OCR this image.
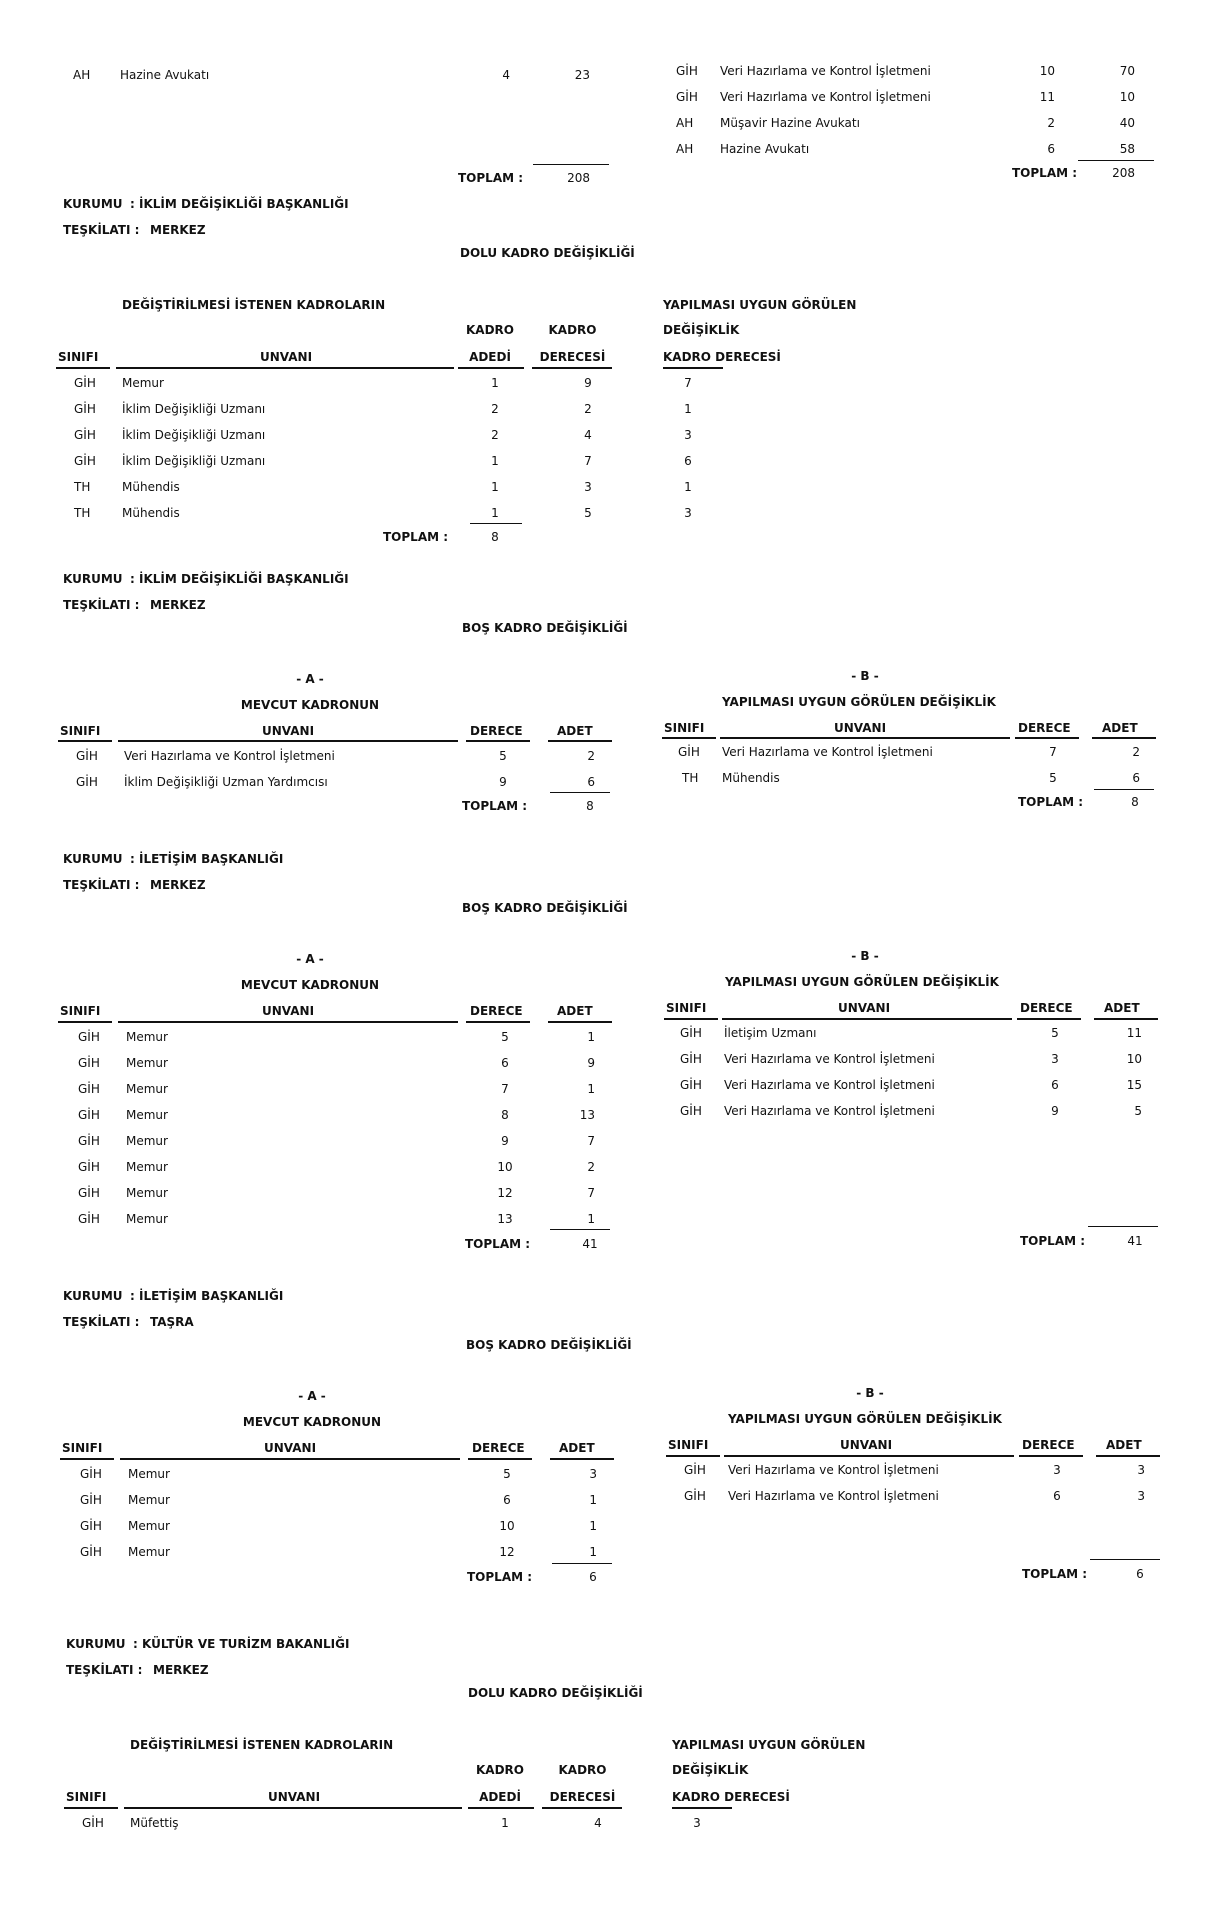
AH Hazine Avukatı	4	23
TOPLAM :	208
GİH Veri Hazırlama ve Kontrol İşletmeni	10	70
GİH Veri Hazırlama ve Kontrol İşletmeni	11	10
AH Müşavir Hazine Avukatı	2	40
AH Hazine Avukatı	6	58
TOPLAM :	208
KURUMU : İKLİM DEĞİŞİKLİĞİ BAŞKANLIĞI
TEŞKİLATI : MERKEZ
DOLU KADRO DEĞİŞİKLİĞİ
DEĞİŞTİRİLMESİ İSTENEN KADROLARIN
KADRO	KADRO
SINIFI	UNVANI	ADEDİ	DERECESİ
YAPILMASI UYGUN GÖRÜLEN
DEĞİŞİKLİK
KADRO DERECESİ
GİH Memur	1	9	7
GİH İklim Değişikliği Uzmanı	2	2	1
GİH İklim Değişikliği Uzmanı	2	4	3
GİH İklim Değişikliği Uzmanı	1	7	6
TH	Mühendis	1	3	1
TH	Mühendis	1	5	3
TOPLAM :	8
KURUMU : İKLİM DEĞİŞİKLİĞİ BAŞKANLIĞI
TEŞKİLATI : MERKEZ
BOŞ KADRO DEĞİŞİKLİĞİ
- A -
MEVCUT KADRONUN
SINIFI	UNVANI	DERECE	ADET
GİH Veri Hazırlama ve Kontrol İşletmeni	5	2
GİH İklim Değişikliği Uzman Yardımcısı	9	6
TOPLAM :	8
- B -
YAPILMASI UYGUN GÖRÜLEN DEĞİŞİKLİK
SINIFI	UNVANI	DERECE	ADET
GİH Veri Hazırlama ve Kontrol İşletmeni	7	2
TH Mühendis	5	6
TOPLAM :	8
KURUMU : İLETİŞİM BAŞKANLIĞI
TEŞKİLATI : MERKEZ
BOŞ KADRO DEĞİŞİKLİĞİ
- A -
MEVCUT KADRONUN
SINIFI	UNVANI	DERECE	ADET
GİH Memur	5	1
GİH Memur	6	9
GİH Memur	7	1
GİH Memur	8	13
GİH Memur	9	7
GİH Memur	10	2
GİH Memur	12	7
GİH Memur	13	1
TOPLAM :	41
- B -
YAPILMASI UYGUN GÖRÜLEN DEĞİŞİKLİK
SINIFI	UNVANI	DERECE	ADET
GİH İletişim Uzmanı	5	11
GİH Veri Hazırlama ve Kontrol İşletmeni	3	10
GİH Veri Hazırlama ve Kontrol İşletmeni	6	15
GİH Veri Hazırlama ve Kontrol İşletmeni	9	5
TOPLAM :	41
KURUMU : İLETİŞİM BAŞKANLIĞI
TEŞKİLATI : TAŞRA
BOŞ KADRO DEĞİŞİKLİĞİ
- A -
MEVCUT KADRONUN
SINIFI	UNVANI	DERECE	ADET
GİH Memur	5	3
GİH Memur	6	1
GİH Memur	10	1
GİH Memur	12	1
TOPLAM :	6
- B -
YAPILMASI UYGUN GÖRÜLEN DEĞİŞİKLİK
SINIFI	UNVANI	DERECE	ADET
GİH Veri Hazırlama ve Kontrol İşletmeni	3	3
GİH Veri Hazırlama ve Kontrol İşletmeni	6	3
TOPLAM :	6
KURUMU : KÜLTÜR VE TURİZM BAKANLIĞI
TEŞKİLATI : MERKEZ
DOLU KADRO DEĞİŞİKLİĞİ
DEĞİŞTİRİLMESİ İSTENEN KADROLARIN
KADRO	KADRO
SINIFI	UNVANI	ADEDİ	DERECESİ
YAPILMASI UYGUN GÖRÜLEN
DEĞİŞİKLİK
KADRO DERECESİ
GİH Müfettiş	1	4	3
